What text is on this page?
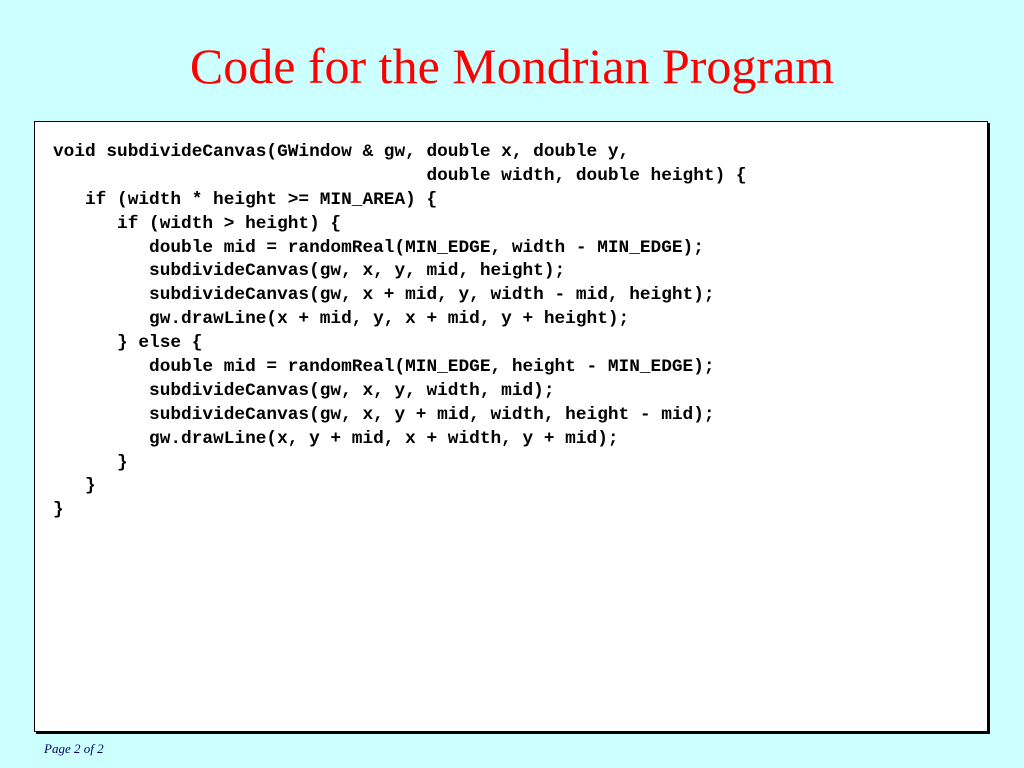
Code for the Mondrian Program
void subdivideCanvas(GWindow & gw, double x, double y,
double width, double height) {
if (width * height >= MIN_AREA) {
if (width > height) {
double mid = randomReal(MIN_EDGE, width - MIN_EDGE);
subdivideCanvas(gw, x, y, mid, height);
subdivideCanvas(gw, x + mid, y, width - mid, height);
gw.drawLine(x + mid, y, x + mid, y + height);
} else {
double mid = randomReal(MIN_EDGE, height - MIN_EDGE);
subdivideCanvas(gw, x, y, width, mid);
subdivideCanvas(gw, x, y + mid, width, height - mid);
gw.drawLine(x, y + mid, x + width, y + mid);
}
}
}
Page 2 of 2
